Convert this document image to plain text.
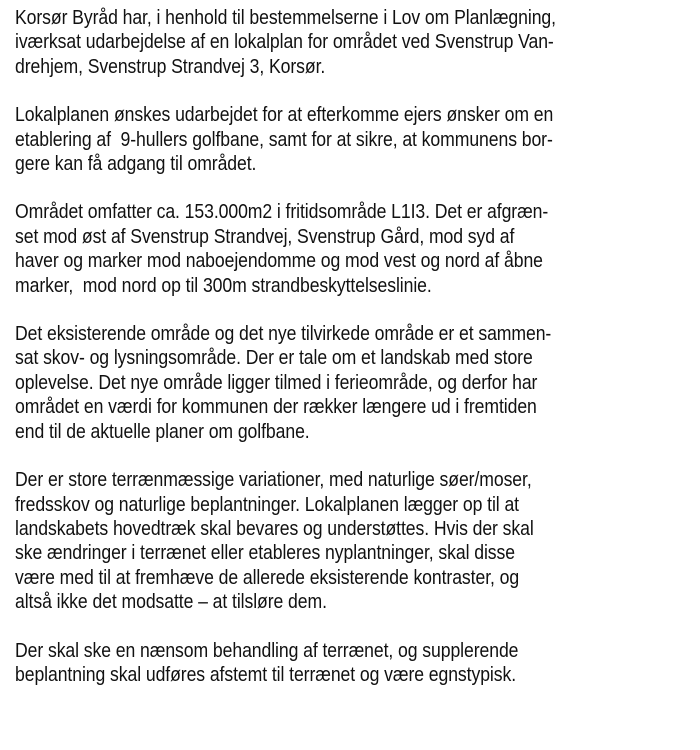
Korsør Byråd har, i henhold til bestemmelserne i Lov om Planlægning,
iværksat udarbejdelse af en lokalplan for området ved Svenstrup Van-
drehjem, Svenstrup Strandvej 3, Korsør.

Lokalplanen ønskes udarbejdet for at efterkomme ejers ønsker om en
etablering af  9-hullers golfbane, samt for at sikre, at kommunens bor-
gere kan få adgang til området.

Området omfatter ca. 153.000m2 i fritidsområde L1I3. Det er afgræn-
set mod øst af Svenstrup Strandvej, Svenstrup Gård, mod syd af
haver og marker mod naboejendomme og mod vest og nord af åbne
marker,  mod nord op til 300m strandbeskyttelseslinie.

Det eksisterende område og det nye tilvirkede område er et sammen-
sat skov- og lysningsområde. Der er tale om et landskab med store
oplevelse. Det nye område ligger tilmed i ferieområde, og derfor har
området en værdi for kommunen der rækker længere ud i fremtiden
end til de aktuelle planer om golfbane.

Der er store terrænmæssige variationer, med naturlige søer/moser,
fredsskov og naturlige beplantninger. Lokalplanen lægger op til at
landskabets hovedtræk skal bevares og understøttes. Hvis der skal
ske ændringer i terrænet eller etableres nyplantninger, skal disse
være med til at fremhæve de allerede eksisterende kontraster, og
altså ikke det modsatte – at tilsløre dem.

Der skal ske en nænsom behandling af terrænet, og supplerende
beplantning skal udføres afstemt til terrænet og være egnstypisk.
